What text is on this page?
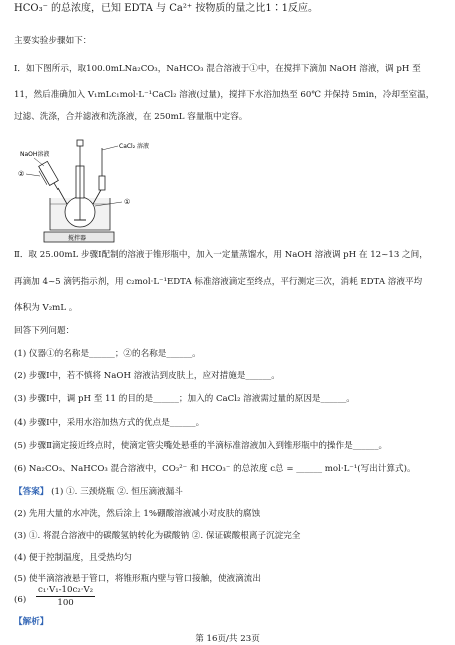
HCO₃⁻ 的总浓度，已知 EDTA 与 Ca²⁺ 按物质的量之比1∶1反应。
主要实验步骤如下：
Ⅰ．如下图所示，取100.0mLNa₂CO₃，NaHCO₃ 混合溶液于①中，在搅拌下滴加 NaOH 溶液，调 pH 至
11，然后准确加入 V₁mLc₁mol·L⁻¹CaCl₂ 溶液(过量)，搅拌下水浴加热至 60℃ 并保持 5min，冷却至室温，
过滤、洗涤，合并滤液和洗涤液，在 250mL 容量瓶中定容。
搅拌器
CaCl₂ 溶液
NaOH溶液
②
①
Ⅱ．取 25.00mL 步骤Ⅰ配制的溶液于锥形瓶中，加入一定量蒸馏水，用 NaOH 溶液调 pH 在 12~13 之间，
再滴加 4~5 滴钙指示剂，用 c₂mol·L⁻¹EDTA 标准溶液滴定至终点，平行测定三次，消耗 EDTA 溶液平均
体积为 V₂mL 。
回答下列问题：
(1) 仪器①的名称是______；②的名称是______。
(2) 步骤Ⅰ中，若不慎将 NaOH 溶液沾到皮肤上，应对措施是______。
(3) 步骤Ⅰ中，调 pH 至 11 的目的是______；加入的 CaCl₂ 溶液需过量的原因是______。
(4) 步骤Ⅰ中，采用水浴加热方式的优点是______。
(5) 步骤Ⅱ滴定接近终点时，使滴定管尖嘴处悬垂的半滴标准溶液加入到锥形瓶中的操作是______。
(6) Na₂CO₃、NaHCO₃ 混合溶液中，CO₃²⁻ 和 HCO₃⁻ 的总浓度 c总 = ______ mol·L⁻¹(写出计算式)。
【答案】 (1) ①. 三颈烧瓶 ②. 恒压滴液漏斗
(2) 先用大量的水冲洗，然后涂上 1%硼酸溶液减小对皮肤的腐蚀
(3) ①. 将混合溶液中的碳酸氢钠转化为碳酸钠 ②. 保证碳酸根离子沉淀完全
(4) 便于控制温度，且受热均匀
(5) 使半滴溶液悬于管口，将锥形瓶内壁与管口接触，使液滴流出
$(6) \frac{\text{c₁·V₁-10c₂·V₂}}{100}$
【解析】
第 16页/共 23页
